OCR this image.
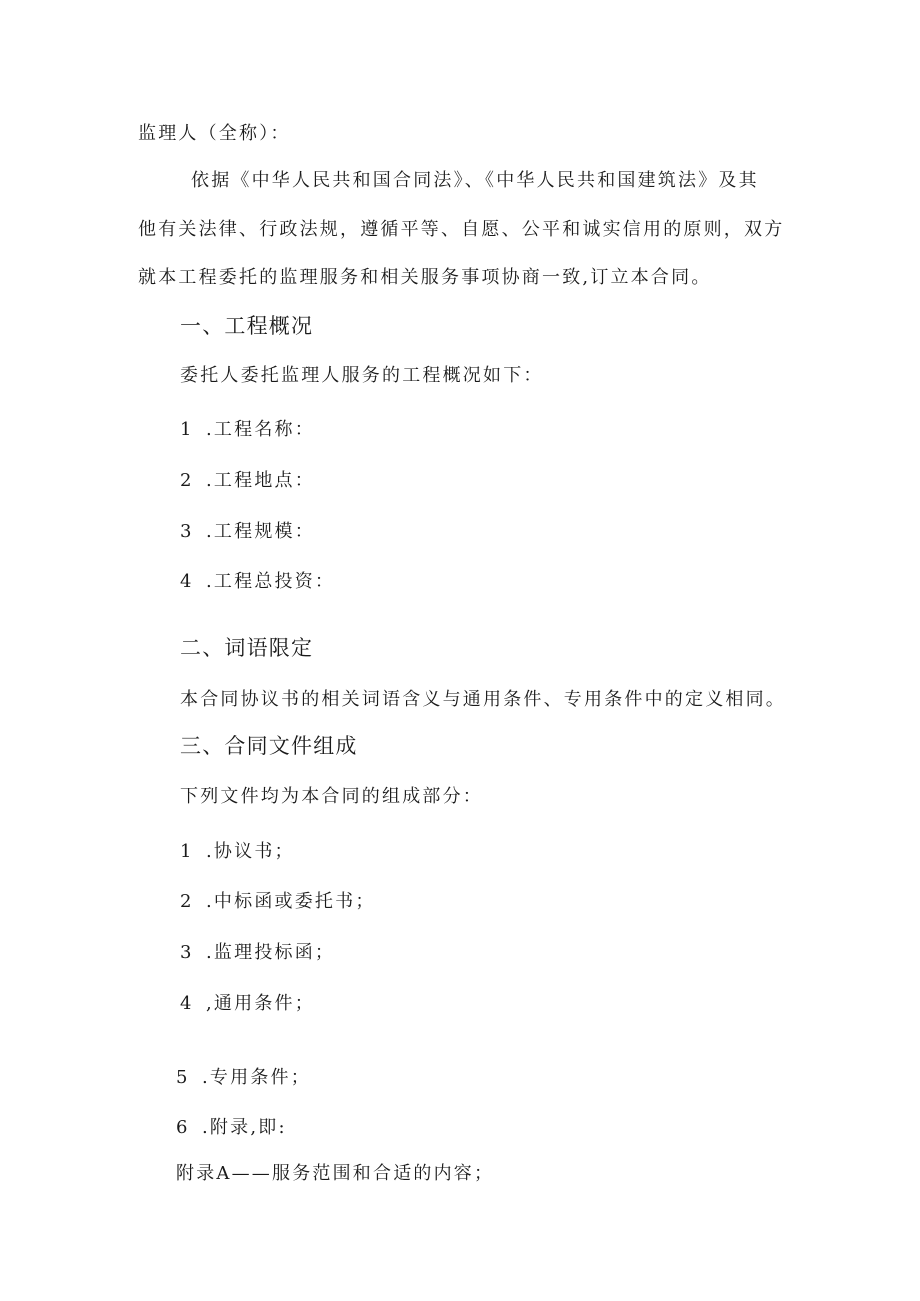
监理人（全称）：
依据《中华人民共和国合同法》、《中华人民共和国建筑法》及其
他有关法律、行政法规，遵循平等、自愿、公平和诚实信用的原则，双方
就本工程委托的监理服务和相关服务事项协商一致,订立本合同。
一、工程概况
委托人委托监理人服务的工程概况如下：
1 .工程名称：
2 .工程地点：
3 .工程规模：
4 .工程总投资：
二、词语限定
本合同协议书的相关词语含义与通用条件、专用条件中的定义相同。
三、合同文件组成
下列文件均为本合同的组成部分：
1 .协议书；
2 .中标函或委托书；
3 .监理投标函；
4 ,通用条件；
5 .专用条件；
6 .附录,即:
附录A——服务范围和合适的内容；
